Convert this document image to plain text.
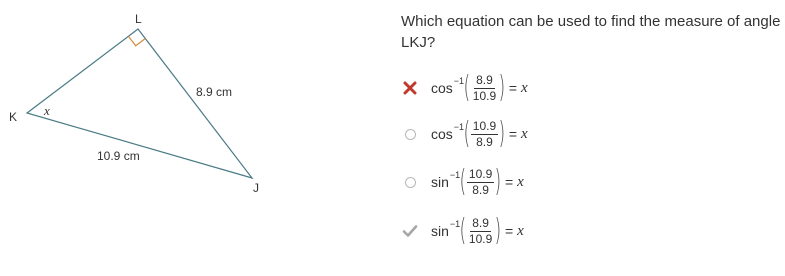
L
K
J
x
8.9 cm
10.9 cm
Which equation can be used to find the measure of angle LKJ?
cos −1 ( $\frac{8.9}{10.9}$ ) = x
cos −1 ( $\frac{10.9}{8.9}$ ) = x
sin −1 ( $\frac{10.9}{8.9}$ ) = x
sin −1 ( $\frac{8.9}{10.9}$ ) = x
